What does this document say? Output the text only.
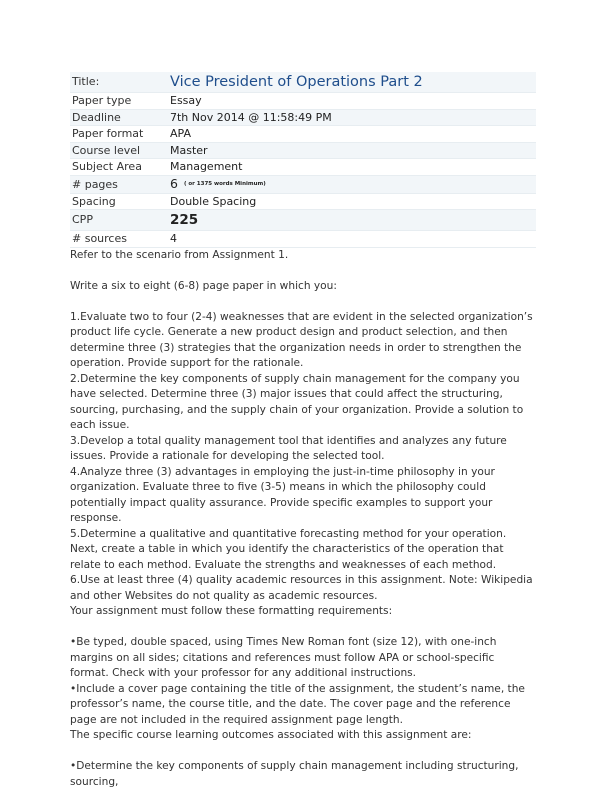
Title:	Vice President of Operations Part 2
Paper type	Essay
Deadline	7th Nov 2014 @ 11:58:49 PM
Paper format	APA
Course level	Master
Subject Area	Management
# pages	6 ( or 1375 words Minimum)
Spacing	Double Spacing
CPP	225
# sources	4

Refer to the scenario from Assignment 1.

Write a six to eight (6-8) page paper in which you:

1.Evaluate two to four (2-4) weaknesses that are evident in the selected organization’s product life cycle. Generate a new product design and product selection, and then determine three (3) strategies that the organization needs in order to strengthen the operation. Provide support for the rationale.

2.Determine the key components of supply chain management for the company you have selected. Determine three (3) major issues that could affect the structuring, sourcing, purchasing, and the supply chain of your organization. Provide a solution to each issue.

3.Develop a total quality management tool that identifies and analyzes any future issues. Provide a rationale for developing the selected tool.

4.Analyze three (3) advantages in employing the just-in-time philosophy in your organization. Evaluate three to five (3-5) means in which the philosophy could potentially impact quality assurance. Provide specific examples to support your response.

5.Determine a qualitative and quantitative forecasting method for your operation. Next, create a table in which you identify the characteristics of the operation that relate to each method. Evaluate the strengths and weaknesses of each method.

6.Use at least three (4) quality academic resources in this assignment. Note: Wikipedia and other Websites do not quality as academic resources.

Your assignment must follow these formatting requirements:

•Be typed, double spaced, using Times New Roman font (size 12), with one-inch margins on all sides; citations and references must follow APA or school-specific format. Check with your professor for any additional instructions.

•Include a cover page containing the title of the assignment, the student’s name, the professor’s name, the course title, and the date. The cover page and the reference page are not included in the required assignment page length.

The specific course learning outcomes associated with this assignment are:

•Determine the key components of supply chain management including structuring, sourcing,
